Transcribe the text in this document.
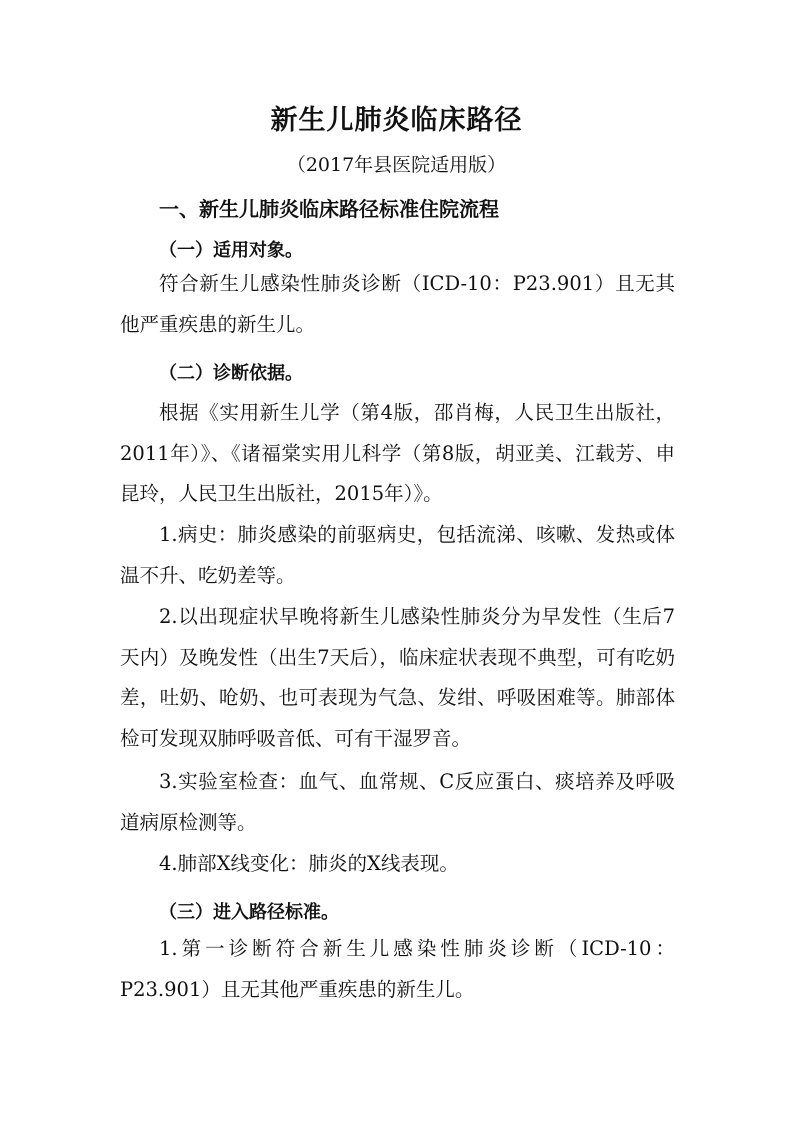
新生儿肺炎临床路径
（2017年县医院适用版）
一、新生儿肺炎临床路径标准住院流程
（一）适用对象。

符合新生儿感染性肺炎诊断（ICD-10：P23.901）且无其他严重疾患的新生儿。

（二）诊断依据。

根据《实用新生儿学（第4版，邵肖梅，人民卫生出版社，2011年）》、《诸福棠实用儿科学（第8版，胡亚美、江载芳、申昆玲，人民卫生出版社，2015年）》。

1.病史：肺炎感染的前驱病史，包括流涕、咳嗽、发热或体温不升、吃奶差等。

2.以出现症状早晚将新生儿感染性肺炎分为早发性（生后7天内）及晚发性（出生7天后），临床症状表现不典型，可有吃奶差，吐奶、呛奶、也可表现为气急、发绀、呼吸困难等。肺部体检可发现双肺呼吸音低、可有干湿罗音。

3.实验室检查：血气、血常规、C反应蛋白、痰培养及呼吸道病原检测等。

4.肺部X线变化：肺炎的X线表现。

（三）进入路径标准。

1.第一诊断符合新生儿感染性肺炎诊断（ICD-10：P23.901）且无其他严重疾患的新生儿。
